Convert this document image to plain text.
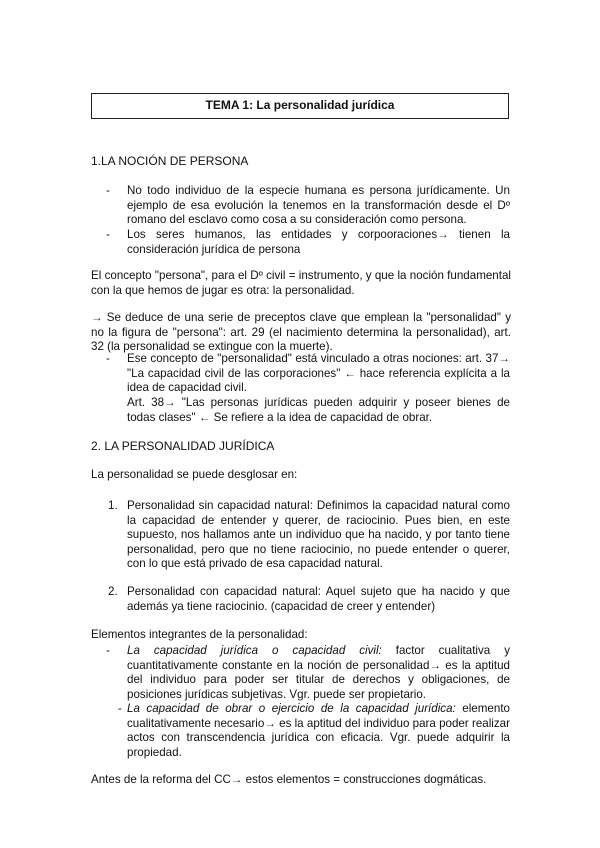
TEMA 1: La personalidad jurídica
1.LA NOCIÓN DE PERSONA
- No todo individuo de la especie humana es persona jurídicamente. Un ejemplo de esa evolución la tenemos en la transformación desde el Dº romano del esclavo como cosa a su consideración como persona.
- Los seres humanos, las entidades y corpooraciones→ tienen la consideración jurídica de persona
El concepto "persona", para el Dº civil = instrumento, y que la noción fundamental con la que hemos de jugar es otra: la personalidad.
→ Se deduce de una serie de preceptos clave que emplean la "personalidad" y no la figura de "persona": art. 29 (el nacimiento determina la personalidad), art. 32 (la personalidad se extingue con la muerte).
- Ese concepto de "personalidad" está vinculado a otras nociones: art. 37→ "La capacidad civil de las corporaciones" ← hace referencia explícita a la idea de capacidad civil.
Art. 38→ "Las personas jurídicas pueden adquirir y poseer bienes de todas clases" ← Se refiere a la idea de capacidad de obrar.
2. LA PERSONALIDAD JURÍDICA
La personalidad se puede desglosar en:
1. Personalidad sin capacidad natural: Definimos la capacidad natural como la capacidad de entender y querer, de raciocinio. Pues bien, en este supuesto, nos hallamos ante un individuo que ha nacido, y por tanto tiene personalidad, pero que no tiene raciocinio, no puede entender o querer, con lo que está privado de esa capacidad natural.
2. Personalidad con capacidad natural: Aquel sujeto que ha nacido y que además ya tiene raciocinio. (capacidad de creer y entender)
Elementos integrantes de la personalidad:
- La capacidad jurídica o capacidad civil: factor cualitativa y cuantitativamente constante en la noción de personalidad→ es la aptitud del individuo para poder ser titular de derechos y obligaciones, de posiciones jurídicas subjetivas. Vgr. puede ser propietario.
- La capacidad de obrar o ejercicio de la capacidad jurídica: elemento cualitativamente necesario→ es la aptitud del individuo para poder realizar actos con transcendencia jurídica con eficacia. Vgr. puede adquirir la propiedad.
Antes de la reforma del CC→ estos elementos = construcciones dogmáticas.
